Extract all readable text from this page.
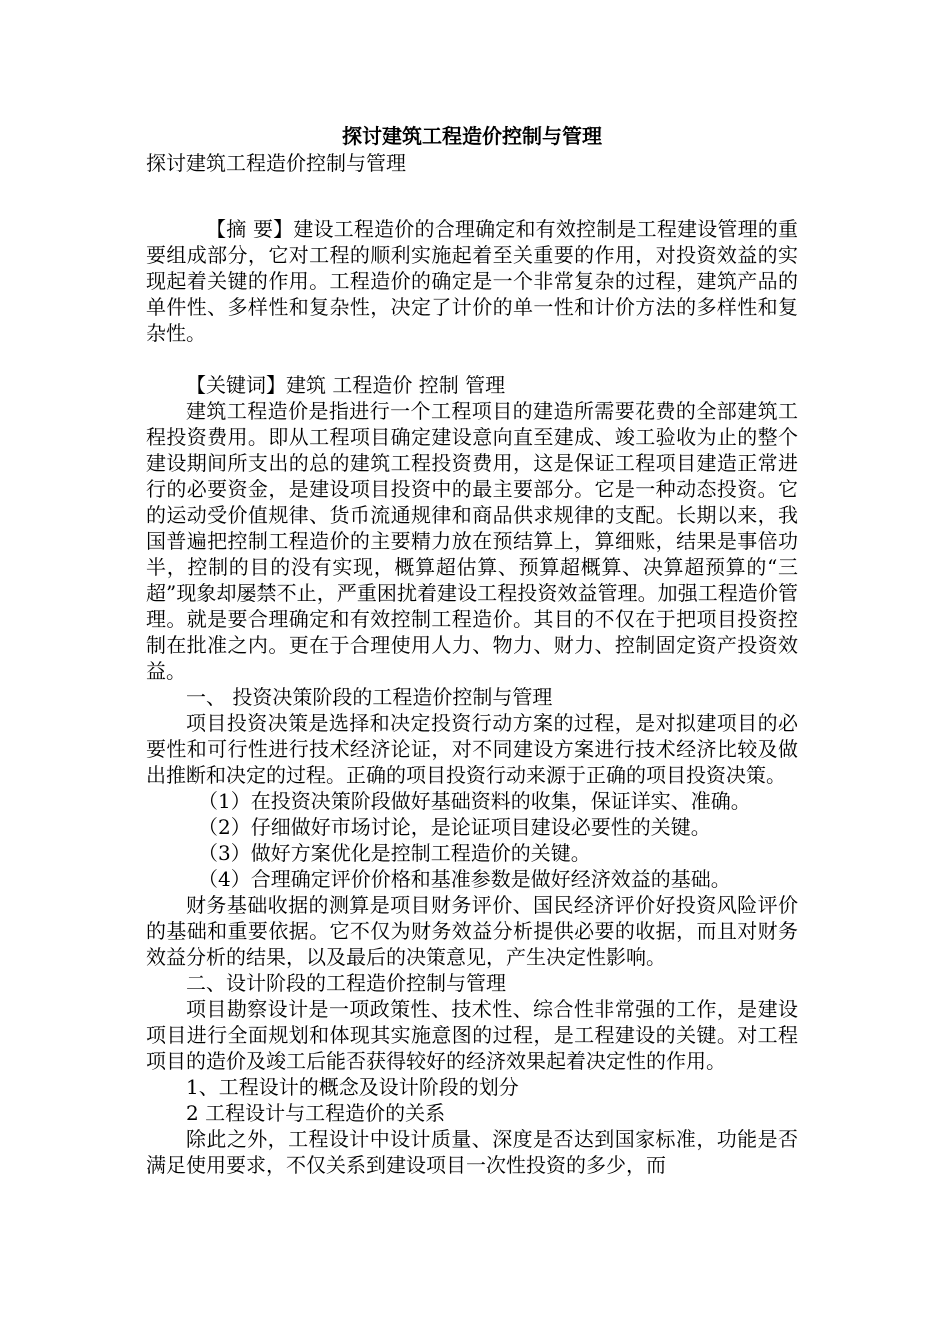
探讨建筑工程造价控制与管理

探讨建筑工程造价控制与管理

【摘 要】建设工程造价的合理确定和有效控制是工程建设管理的重要组成部分，它对工程的顺利实施起着至关重要的作用，对投资效益的实现起着关键的作用。工程造价的确定是一个非常复杂的过程，建筑产品的单件性、多样性和复杂性，决定了计价的单一性和计价方法的多样性和复杂性。

【关键词】建筑 工程造价 控制 管理

建筑工程造价是指进行一个工程项目的建造所需要花费的全部建筑工程投资费用。即从工程项目确定建设意向直至建成、竣工验收为止的整个建设期间所支出的总的建筑工程投资费用，这是保证工程项目建造正常进行的必要资金，是建设项目投资中的最主要部分。它是一种动态投资。它的运动受价值规律、货币流通规律和商品供求规律的支配。长期以来，我国普遍把控制工程造价的主要精力放在预结算上，算细账，结果是事倍功半，控制的目的没有实现，概算超估算、预算超概算、决算超预算的“三超”现象却屡禁不止，严重困扰着建设工程投资效益管理。加强工程造价管理。就是要合理确定和有效控制工程造价。其目的不仅在于把项目投资控制在批准之内。更在于合理使用人力、物力、财力、控制固定资产投资效益。

一、 投资决策阶段的工程造价控制与管理

项目投资决策是选择和决定投资行动方案的过程，是对拟建项目的必要性和可行性进行技术经济论证，对不同建设方案进行技术经济比较及做出推断和决定的过程。正确的项目投资行动来源于正确的项目投资决策。

（1）在投资决策阶段做好基础资料的收集，保证详实、准确。

（2）仔细做好市场讨论，是论证项目建设必要性的关键。

（3）做好方案优化是控制工程造价的关键。

（4）合理确定评价价格和基准参数是做好经济效益的基础。

财务基础收据的测算是项目财务评价、国民经济评价好投资风险评价的基础和重要依据。它不仅为财务效益分析提供必要的收据，而且对财务效益分析的结果，以及最后的决策意见，产生决定性影响。

二、设计阶段的工程造价控制与管理

项目勘察设计是一项政策性、技术性、综合性非常强的工作，是建设项目进行全面规划和体现其实施意图的过程，是工程建设的关键。对工程项目的造价及竣工后能否获得较好的经济效果起着决定性的作用。

1、工程设计的概念及设计阶段的划分

2 工程设计与工程造价的关系

除此之外，工程设计中设计质量、深度是否达到国家标准，功能是否满足使用要求，不仅关系到建设项目一次性投资的多少，而
